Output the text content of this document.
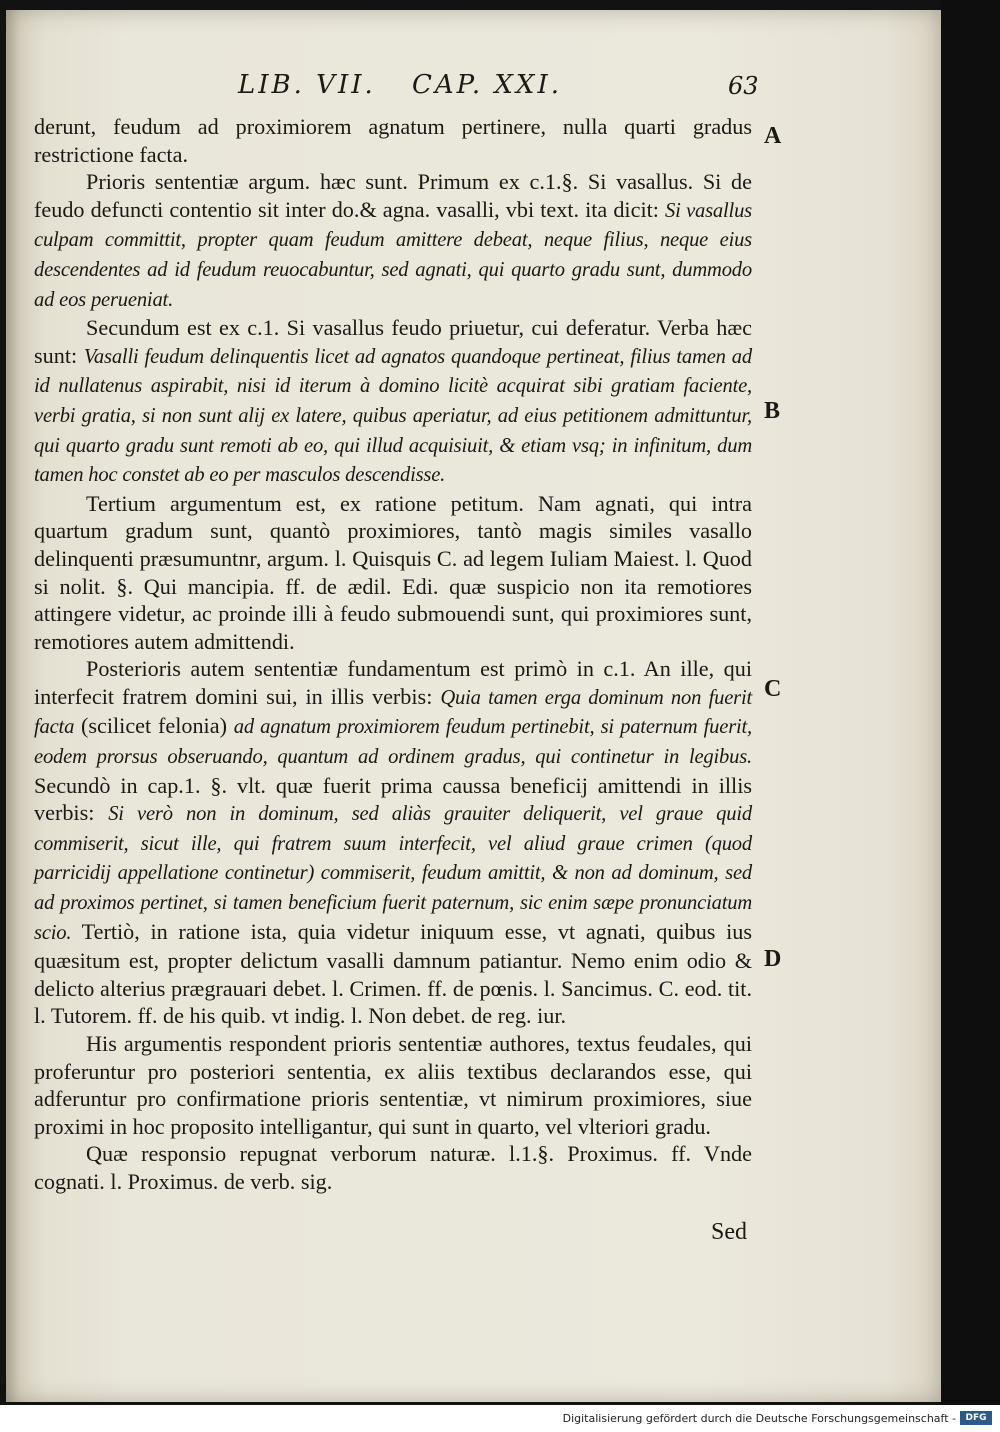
LIB. VII. CAP. XXI.	63

derunt, feudum ad proximiorem agnatum pertinere, nulla quarti gradus restrictione facta.

Prioris sententiæ argum. hæc sunt. Primum ex c.1.§. Si vasallus. Si de feudo defuncti contentio sit inter do.& agna. vasalli, vbi text. ita dicit: Si vasallus culpam committit, propter quam feudum amittere debeat, neque filius, neque eius descendentes ad id feudum reuocabuntur, sed agnati, qui quarto gradu sunt, dummodo ad eos perueniat.

Secundum est ex c.1. Si vasallus feudo priuetur, cui deferatur. Verba hæc sunt: Vasalli feudum delinquentis licet ad agnatos quandoque pertineat, filius tamen ad id nullatenus aspirabit, nisi id iterum à domino licitè acquirat sibi gratiam faciente, verbi gratia, si non sunt alij ex latere, quibus aperiatur, ad eius petitionem admittuntur, qui quarto gradu sunt remoti ab eo, qui illud acquisiuit, & etiam vsq; in infinitum, dum tamen hoc constet ab eo per masculos descendisse.

Tertium argumentum est, ex ratione petitum. Nam agnati, qui intra quartum gradum sunt, quantò proximiores, tantò magis similes vasallo delinquenti præsumuntnr, argum. l. Quisquis C. ad legem Iuliam Maiest. l. Quod si nolit. §. Qui mancipia. ff. de ædil. Edi. quæ suspicio non ita remotiores attingere videtur, ac proinde illi à feudo submouendi sunt, qui proximiores sunt, remotiores autem admittendi.

Posterioris autem sententiæ fundamentum est primò in c.1. An ille, qui interfecit fratrem domini sui, in illis verbis: Quia tamen erga dominum non fuerit facta (scilicet felonia) ad agnatum proximiorem feudum pertinebit, si paternum fuerit, eodem prorsus obseruando, quantum ad ordinem gradus, qui continetur in legibus. Secundò in cap.1. §. vlt. quæ fuerit prima caussa beneficij amittendi in illis verbis: Si verò non in dominum, sed aliàs grauiter deliquerit, vel graue quid commiserit, sicut ille, qui fratrem suum interfecit, vel aliud graue crimen (quod parricidij appellatione continetur) commiserit, feudum amittit, & non ad dominum, sed ad proximos pertinet, si tamen beneficium fuerit paternum, sic enim sæpe pronunciatum scio. Tertiò, in ratione ista, quia videtur iniquum esse, vt agnati, quibus ius quæsitum est, propter delictum vasalli damnum patiantur. Nemo enim odio & delicto alterius prægrauari debet. l. Crimen. ff. de pœnis. l. Sancimus. C. eod. tit. l. Tutorem. ff. de his quib. vt indig. l. Non debet. de reg. iur.

His argumentis respondent prioris sententiæ authores, textus feudales, qui proferuntur pro posteriori sententia, ex aliis textibus declarandos esse, qui adferuntur pro confirmatione prioris sententiæ, vt nimirum proximiores, siue proximi in hoc proposito intelligantur, qui sunt in quarto, vel vlteriori gradu.

Quæ responsio repugnat verborum naturæ. l.1.§. Proximus. ff. Vnde cognati. l. Proximus. de verb. sig.

A
B
C
D
Sed
Digitalisierung gefördert durch die Deutsche Forschungsgemeinschaft -	DFG
